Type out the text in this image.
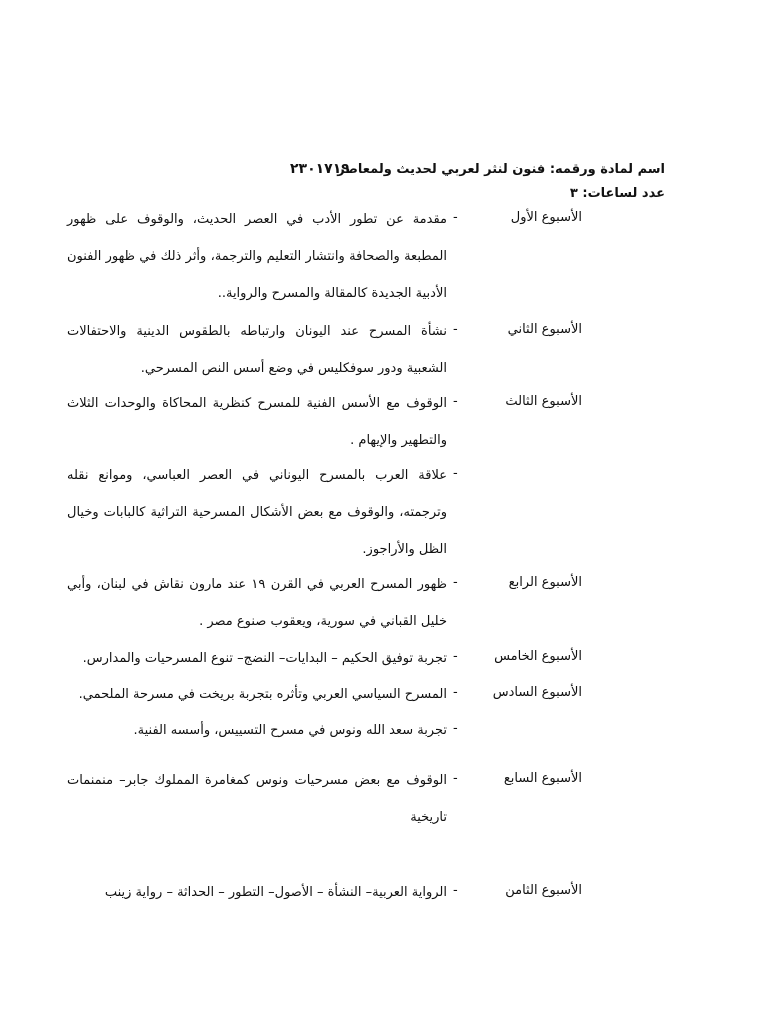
اسم لمادة ورقمه: فنون لنثر لعربي لحديث ولمعاصر
٢٣٠١٧١٩
عدد لساعات: ٣
الأسبوع الأول
-
مقدمة عن تطور الأدب في العصر الحديث، والوقوف على ظهور المطبعة والصحافة وانتشار التعليم والترجمة، وأثر ذلك في ظهور الفنون الأدبية الجديدة كالمقالة والمسرح والرواية..
الأسبوع الثاني
-
نشأة المسرح عند اليونان وارتباطه بالطقوس الدينية والاحتفالات الشعبية ودور سوفكليس في وضع أسس النص المسرحي.
الأسبوع الثالث
-
الوقوف مع الأسس الفنية للمسرح كنظرية المحاكاة والوحدات الثلاث والتطهير والإيهام .
-
علاقة العرب بالمسرح اليوناني في العصر العباسي، وموانع نقله وترجمته، والوقوف مع بعض الأشكال المسرحية التراثية كالبابات وخيال الظل والأراجوز.
الأسبوع الرابع
-
ظهور المسرح العربي في القرن ١٩ عند مارون نقاش في لبنان، وأبي خليل القباني في سورية، ويعقوب صنوع مصر .
الأسبوع الخامس
-
تجربة توفيق الحكيم – البدايات– النضج– تنوع المسرحيات والمدارس.
الأسبوع السادس
-
المسرح السياسي العربي وتأثره بتجربة بريخت في مسرحة الملحمي.
-
تجربة سعد الله ونوس في مسرح التسييس، وأسسه الفنية.
الأسبوع السابع
-
الوقوف مع بعض مسرحيات ونوس كمغامرة المملوك جابر– منمنمات تاريخية
الأسبوع الثامن
-
الرواية العربية– النشأة – الأصول– التطور – الحداثة – رواية زينب
